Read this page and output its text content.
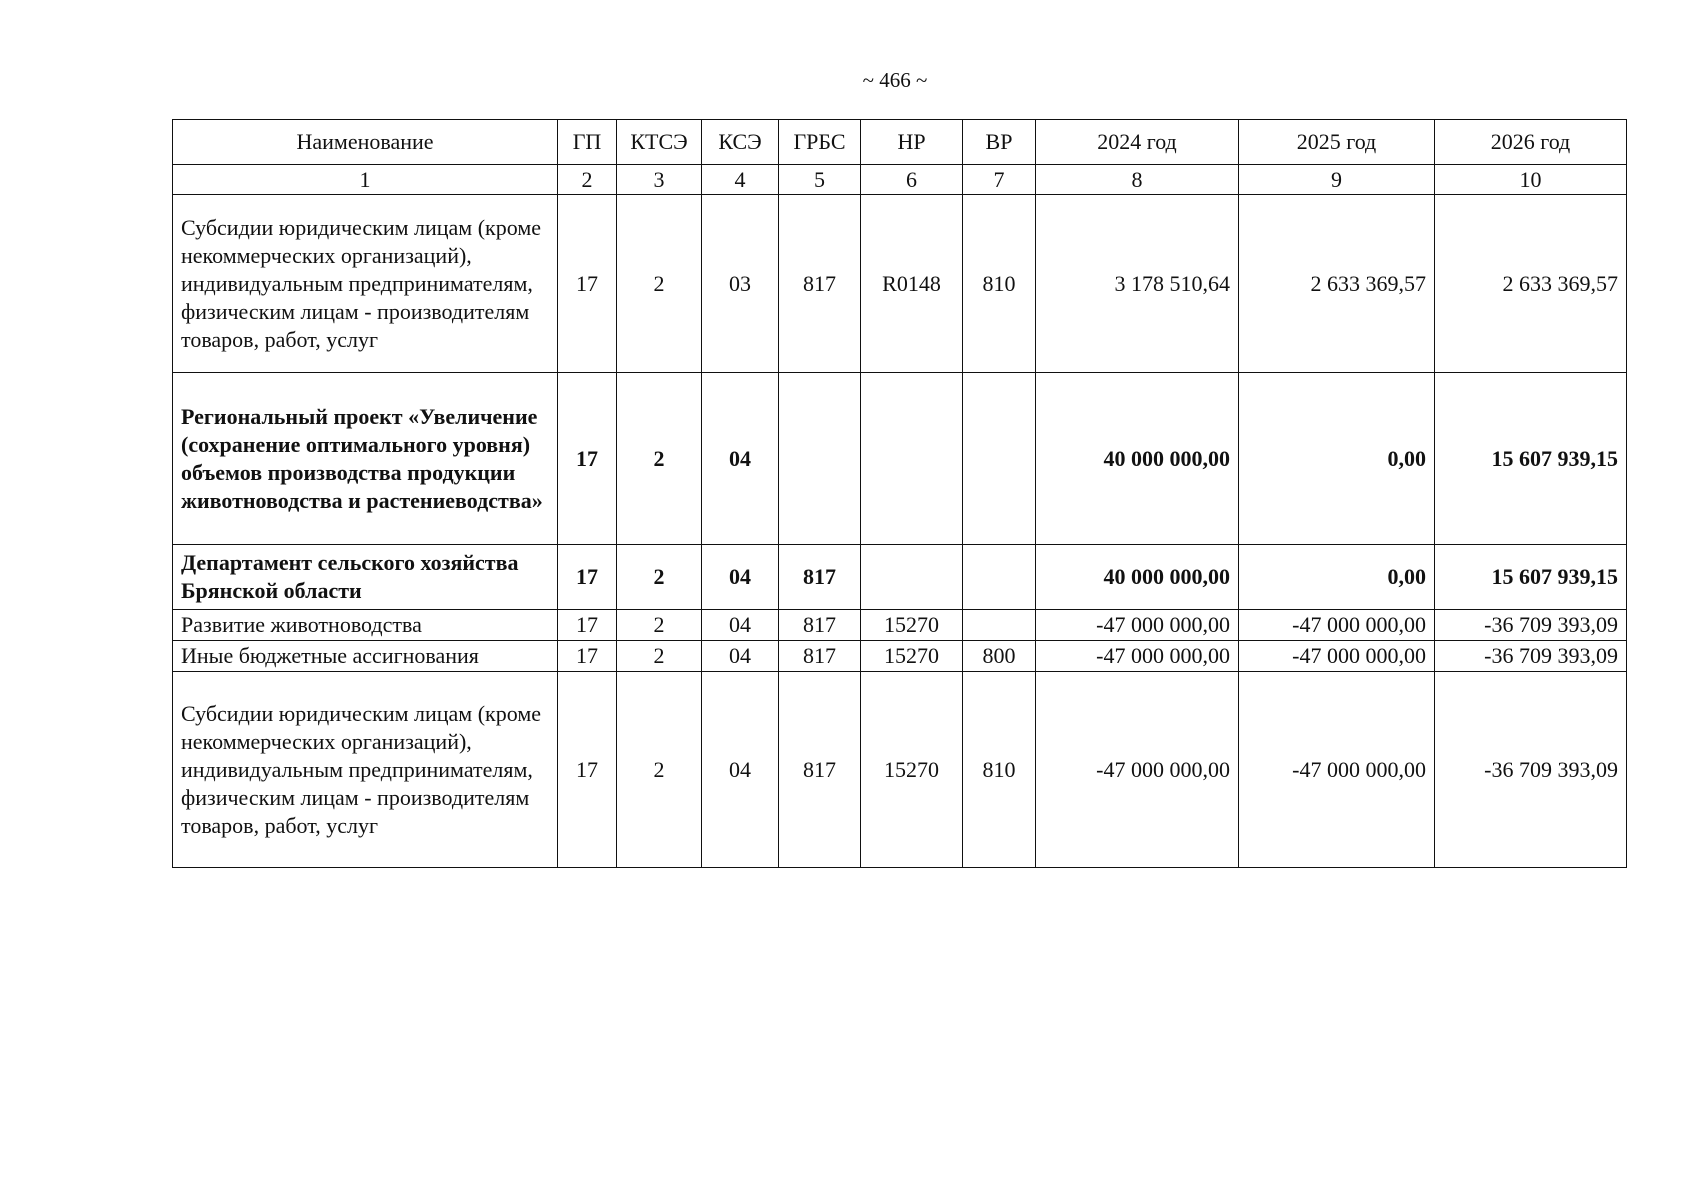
~ 466 ~
Наименование	ГП	КТСЭ	КСЭ	ГРБС	НР	ВР	2024 год	2025 год	2026 год
1	2	3	4	5	6	7	8	9	10
Субсидии юридическим лицам (кроме некоммерческих организаций), индивидуальным предпринимателям, физическим лицам - производителям товаров, работ, услуг	17	2	03	817	R0148	810	3 178 510,64	2 633 369,57	2 633 369,57
Региональный проект «Увеличение (сохранение оптимального уровня) объемов производства продукции животноводства и растениеводства»	17	2	04				40 000 000,00	0,00	15 607 939,15
Департамент сельского хозяйства Брянской области	17	2	04	817			40 000 000,00	0,00	15 607 939,15
Развитие животноводства	17	2	04	817	15270		-47 000 000,00	-47 000 000,00	-36 709 393,09
Иные бюджетные ассигнования	17	2	04	817	15270	800	-47 000 000,00	-47 000 000,00	-36 709 393,09
Субсидии юридическим лицам (кроме некоммерческих организаций), индивидуальным предпринимателям, физическим лицам - производителям товаров, работ, услуг	17	2	04	817	15270	810	-47 000 000,00	-47 000 000,00	-36 709 393,09
